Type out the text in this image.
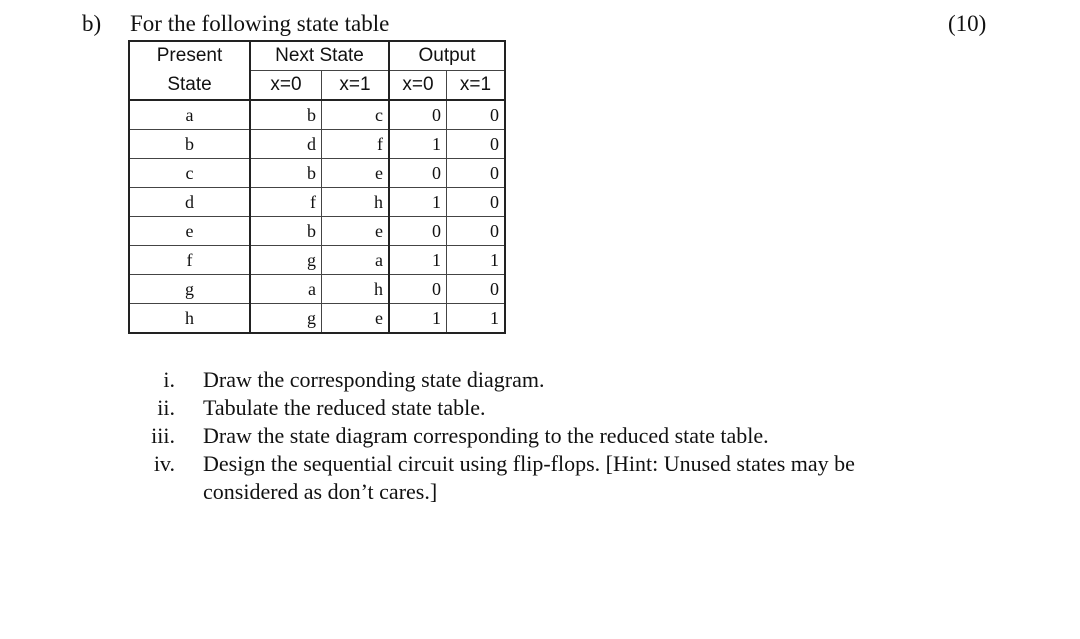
b) For the following state table	(10)
Present	Next State		Output	
State	x=0	x=1	x=0	x=1
a	b	c	0	0
b	d	f	1	0
c	b	e	0	0
d	f	h	1	0
e	b	e	0	0
f	g	a	1	1
g	a	h	0	0
h	g	e	1	1
i. Draw the corresponding state diagram.
ii. Tabulate the reduced state table.
iii. Draw the state diagram corresponding to the reduced state table.
iv. Design the sequential circuit using flip-flops. [Hint: Unused states may be considered as don’t cares.]
